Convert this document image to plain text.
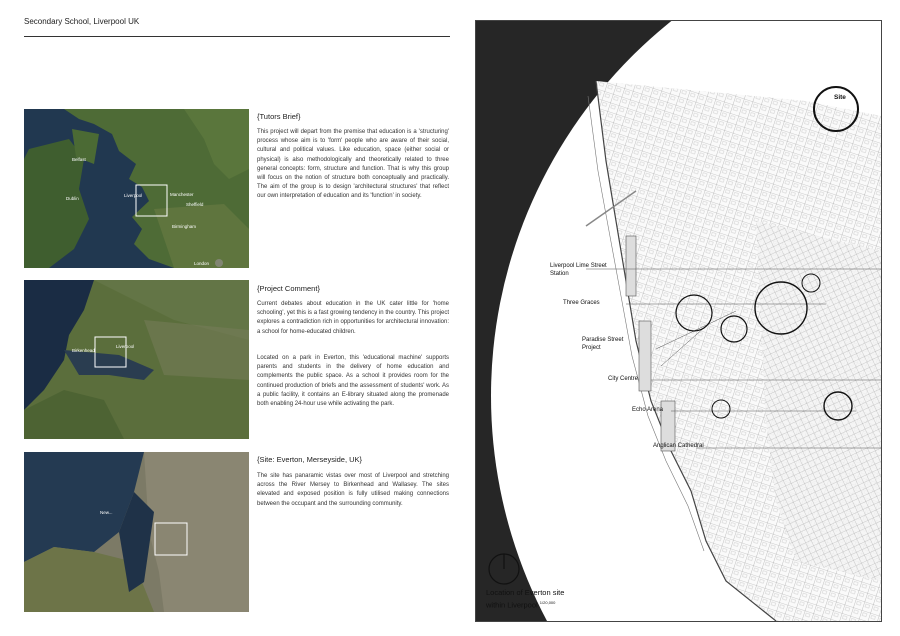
Secondary School, Liverpool UK
Belfast
Dublin
Liverpool	Manchester
Sheffield
Birmingham
London
Birkenhead
Liverpool
New...
{Tutors Brief}

This project will depart from the premise that education is a 'structuring' process whose aim is to 'form' people who are aware of their social, cultural and political values. Like education, space (either social or physical) is also methodologically and theoretically related to three general concepts: form, structure and function. That is why this group will focus on the notion of structure both conceptually and practically. The aim of the group is to design 'architectural structures' that reflect our own interpretation of education and its 'function' in society.

{Project Comment}

Current debates about education in the UK cater little for 'home schooling', yet this is a fast growing tendency in the country. This project explores a contradiction rich in opportunities for architectural innovation: a school for home-educated children.

Located on a park in Everton, this 'educational machine' supports parents and students in the delivery of home education and complements the public space. As a school it provides room for the continued production of briefs and the assessment of students' work. As a public facility, it contains an E-library situated along the promenade both enabling 24-hour use while activating the park.

{Site: Everton, Merseyside, UK}

The site has panaramic vistas over most of Liverpool and stretching across the River Mersey to Birkenhead and Wallasey. The sites elevated and exposed position is fully utilised making connections between the occupant and the surrounding community.

Site
Liverpool Lime Street
Station
Three Graces
Paradise Street
Project
City Centre
Echo Arena
Anglican Cathedral
Location of Everton site
within Liverpool $^{1/20,000}$
